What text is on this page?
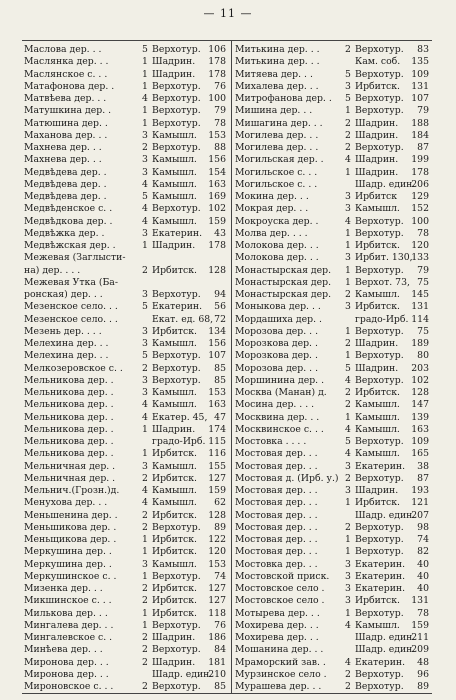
— 11 —
Маслова дер. . .	5 Верхотур. 106
Маслянка дер. . .	1 Шадрин. 178
Маслянское с. . .	1 Шадрин. 178
Матафонова дер. .	1 Верхотур. 76
Матвѣева дер. . .	4 Верхотур. 100
Матушкина дер. .	1 Верхотур. 79
Матюшина дер. .	1 Верхотур. 78
Маханова дер. . .	3 Камышл. 153
Махнева дер. . .	2 Верхотур. 88
Махнева дер. . .	3 Камышл. 156
Медвѣдева дер. .	3 Камышл. 154
Медвѣдева дер. .	4 Камышл. 163
Медвѣдева дер. .	5 Камышл. 169
Медвѣденское с. .	4 Верхотур. 102
Медвѣдкова дер. .	4 Камышл. 159
Медвѣжка дер. .	3 Екатерин. 43
Медвѣжская дер. .	1 Шадрин. 178
Межевая (Заглысти-
на) дер. . . .	2 Ирбитск. 128
Межевая Утка (Ба-
ронская) дер. . .	3 Верхотур. 94
Мезенское село. . .	5 Екатерин. 56
Мезенское село. . .	Екат. ед. 68, 72
Мезень дер. . . .	3 Ирбитск. 134
Мелехина дер. . .	3 Камышл. 156
Мелехина дер. . .	5 Верхотур. 107
Мелкозеровское с. . 2 Верхотур. 85
Мельникова дер. .	3 Верхотур. 85
Мельникова дер. .	3 Камышл. 153
Мельникова дер. .	4 Камышл. 163
Мельникова дер. .	4 Екатер. 45, 47
Мельникова дер. .	1 Шадрин. 174
Мельникова дер. .	градо-Ирб. 115
Мельникова дер. .	1 Ирбитск. 116
Мельничная дер. .	3 Камышл. 155
Мельничная дер. .	2 Ирбитск. 127
Мельнич.(Грозн.)д. 4 Камышл. 159
Менухова дер. . .	4 Камышл. 62
Меньшенина дер. .	2 Ирбитск. 128
Меньшикова дер. .	2 Верхотур. 89
Меньщикова дер. .	1 Ирбитск. 122
Меркушина дер. .	1 Ирбитск. 120
Меркушина дер. .	3 Камышл. 153
Меркушинское с. .	1 Верхотур. 74
Мизенка дер. . .	2 Ирбитск. 127
Микшинское с. . .	2 Ирбитск. 127
Милькова дер. . .	1 Ирбитск. 118
Мингалева дер. . .	1 Верхотур. 76
Мингалевское с. .	2 Шадрин. 186
Минѣева дер. . .	2 Верхотур. 84
Миронова дер. . .	2 Шадрин. 181
Миронова дер. . .	Шадр. един.
210
Мироновское с. . .	2 Верхотур. 85
Митькина дер. . .	2 Верхотур. 83
Митькина дер. . .	Кам. соб. 135
Митяева дер. . .	5 Верхотур. 109
Михалева дер. . .	3 Ирбитск. 131
Митрофанова дер. . 5 Верхотур. 107
Мишина дер. . .	1 Верхотур. 79
Мишагина дер. . . 2 Шадрин. 188
Могилева дер. . .	2 Шадрин. 184
Могилева дер. . .	2 Верхотур. 87
Могильская дер. . 4 Шадрин. 199
Могильское с. . .	1 Шадрин. 178
Могильское с. . .	Шадр. един.
206
Мокина дер. . .	3 Ирбитск 129
Мокрая дер. . .	3 Камышл. 152
Мокроуска дер. .	4 Верхотур. 100
Молва дер. . . .	1 Верхотур. 78
Молокова дер. . .	1 Ирбитск. 120
Молокова дер. . .	3 Ирбит. 130,
133
Монастырская дер. 1 Верхотур. 79
Монастырская дер. 1 Верхот. 73, 75
Монастырская дер. 2 Камышл. 145
Моныкова дер. . .	3 Ирбитск. 131
Мордашиха дер. .	градо-Ирб. 114
Морозова дер. . .	1 Верхотур. 75
Морозкова дер. .	2 Шадрин. 189
Морозкова дер. .	1 Верхотур. 80
Морозова дер. . .	5 Шадрин. 203
Моршинина дер. . 4 Верхотур. 102
Москва (Манан) д. 2 Ирбитск. 128
Мосина дер. . . .	2 Камышл. 147
Москвина дер. . .	1 Камышл. 139
Москвинское с. . . 4 Камышл. 163
Мостовка . . . .	5 Верхотур. 109
Мостовая дер. . .	4 Камышл. 165
Мостовая дер. . .	3 Екатерин. 38
Мостовая д. (Ирб. у.) 2 Верхотур. 87
Мостовая дер. . .	3 Шадрин. 193
Мостовая дер. . .	1 Ирбитск. 121
Мостовая дер. . .	Шадр. един.
207
Мостовая дер. . .	2 Верхотур. 98
Мостовая дер. . .	1 Верхотур. 74
Мостовая дер. . .	1 Верхотур. 82
Мостовка дер. . .	3 Екатерин. 40
Мостовской приск. 3 Екатерин. 40
Мостовское село . 3 Екатерин. 40
Мостовское село . 3 Ирбитск. 131
Мотырева дер. . .	1 Верхотур. 78
Мохирева дер. . .	4 Камышл. 159
Мохирева дер. . .	Шадр. един.
211
Мошанина дер. . .	Шадр. един.
209
Мраморский зав. . 4 Екатерин. 48
Мурзинское село . 2 Верхотур. 96
Мурашева дер. . .	2 Верхотур. 89
